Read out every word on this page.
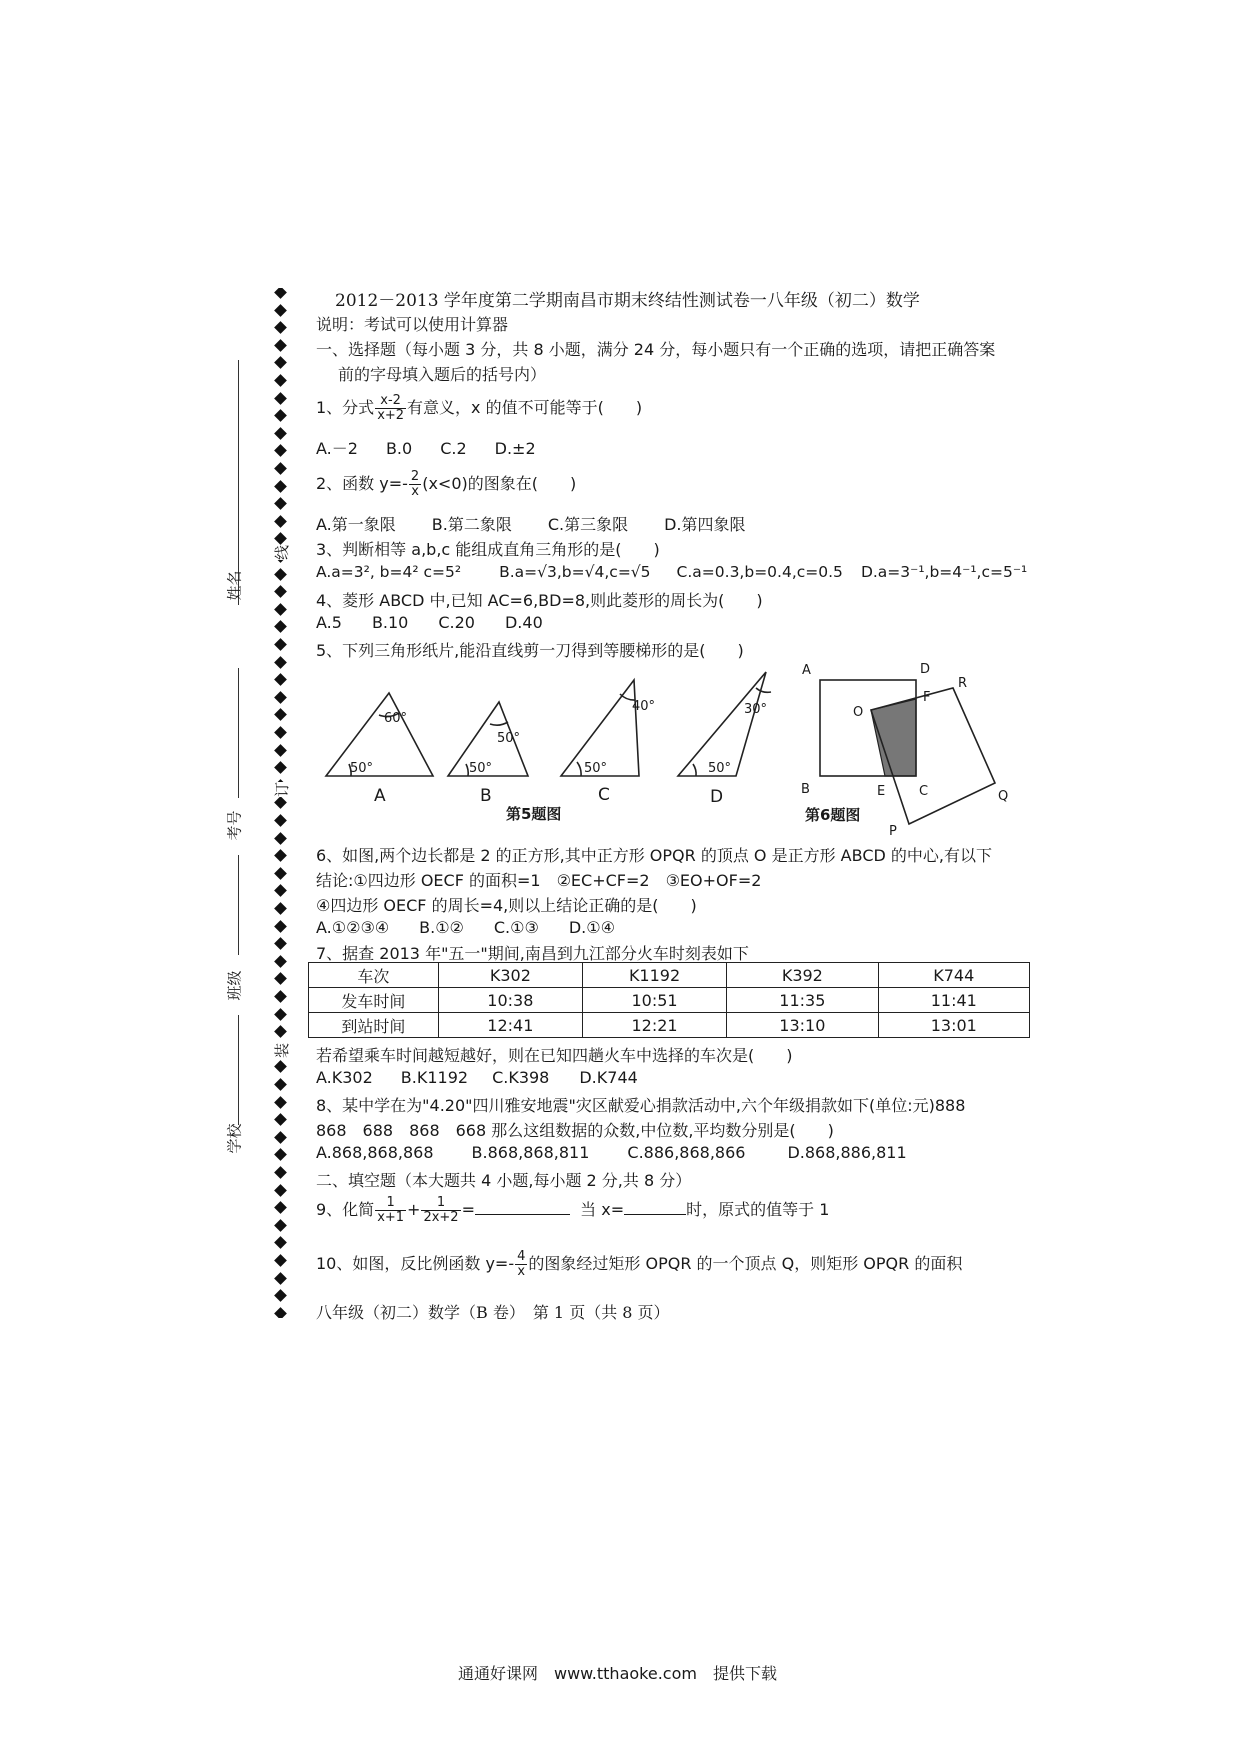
姓名
考号
班级
学校
线
订
装
2012－2013 学年度第二学期南昌市期末终结性测试卷一八年级（初二）数学
说明：考试可以使用计算器
一、选择题（每小题 3 分，共 8 小题，满分 24 分，每小题只有一个正确的选项，请把正确答案
前的字母填入题后的括号内）
1、分式 $\frac{x-2}{x+2}$ 有意义，x 的值不可能等于(　　)
A.－2 B.0 C.2 D.±2
2、函数 $y=- \frac{2}{x} (x<0)$的图象在(　　)
A.第一象限 B.第二象限 C.第三象限 D.第四象限
3、判断相等 a,b,c 能组成直角三角形的是(　　)
A.a=3², b=4² c=5² B.a=√3,b=√4,c=√5 C.a=0.3,b=0.4,c=0.5 D.a=3⁻¹,b=4⁻¹,c=5⁻¹
4、菱形 ABCD 中,已知 AC=6,BD=8,则此菱形的周长为(　　)
A.5 B.10 C.20 D.40
5、下列三角形纸片,能沿直线剪一刀得到等腰梯形的是(　　)
60°
50°
50°
50°
40°
50°
30°
50°
A	B	C	D
第5题图
A	D
F
R
O
B	E	C	Q
P
第6题图
6、如图,两个边长都是 2 的正方形,其中正方形 OPQR 的顶点 O 是正方形 ABCD 的中心,有以下
结论:①四边形 OECF 的面积=1　②EC+CF=2　③EO+OF=2
④四边形 OECF 的周长=4,则以上结论正确的是(　　)
A.①②③④ B.①② C.①③ D.①④
7、据查 2013 年"五一"期间,南昌到九江部分火车时刻表如下
车次	K302	K1192	K392	K744
发车时间	10:38	10:51	11:35	11:41
到站时间	12:41	12:21	13:10	13:01
若希望乘车时间越短越好，则在已知四趟火车中选择的车次是(　　)
A.K302 B.K1192 C.K398 D.K744
8、某中学在为"4.20"四川雅安地震"灾区献爱心捐款活动中,六个年级捐款如下(单位:元)888
868　688　868　668 那么这组数据的众数,中位数,平均数分别是(　　)
A.868,868,868 B.868,868,811 C.886,868,866	D.868,886,811
二、填空题（本大题共 4 小题,每小题 2 分,共 8 分）
9、化简 $\frac{1}{x+1} + \frac{1}{2x+2}$ =	当 x=	时，原式的值等于 1
10、如图，反比例函数 $y=- \frac{4}{x}$ 的图象经过矩形 OPQR 的一个顶点 Q，则矩形 OPQR 的面积
八年级（初二）数学（B 卷）　第 1 页（共 8 页）
通通好课网　www.tthaoke.com　提供下载
